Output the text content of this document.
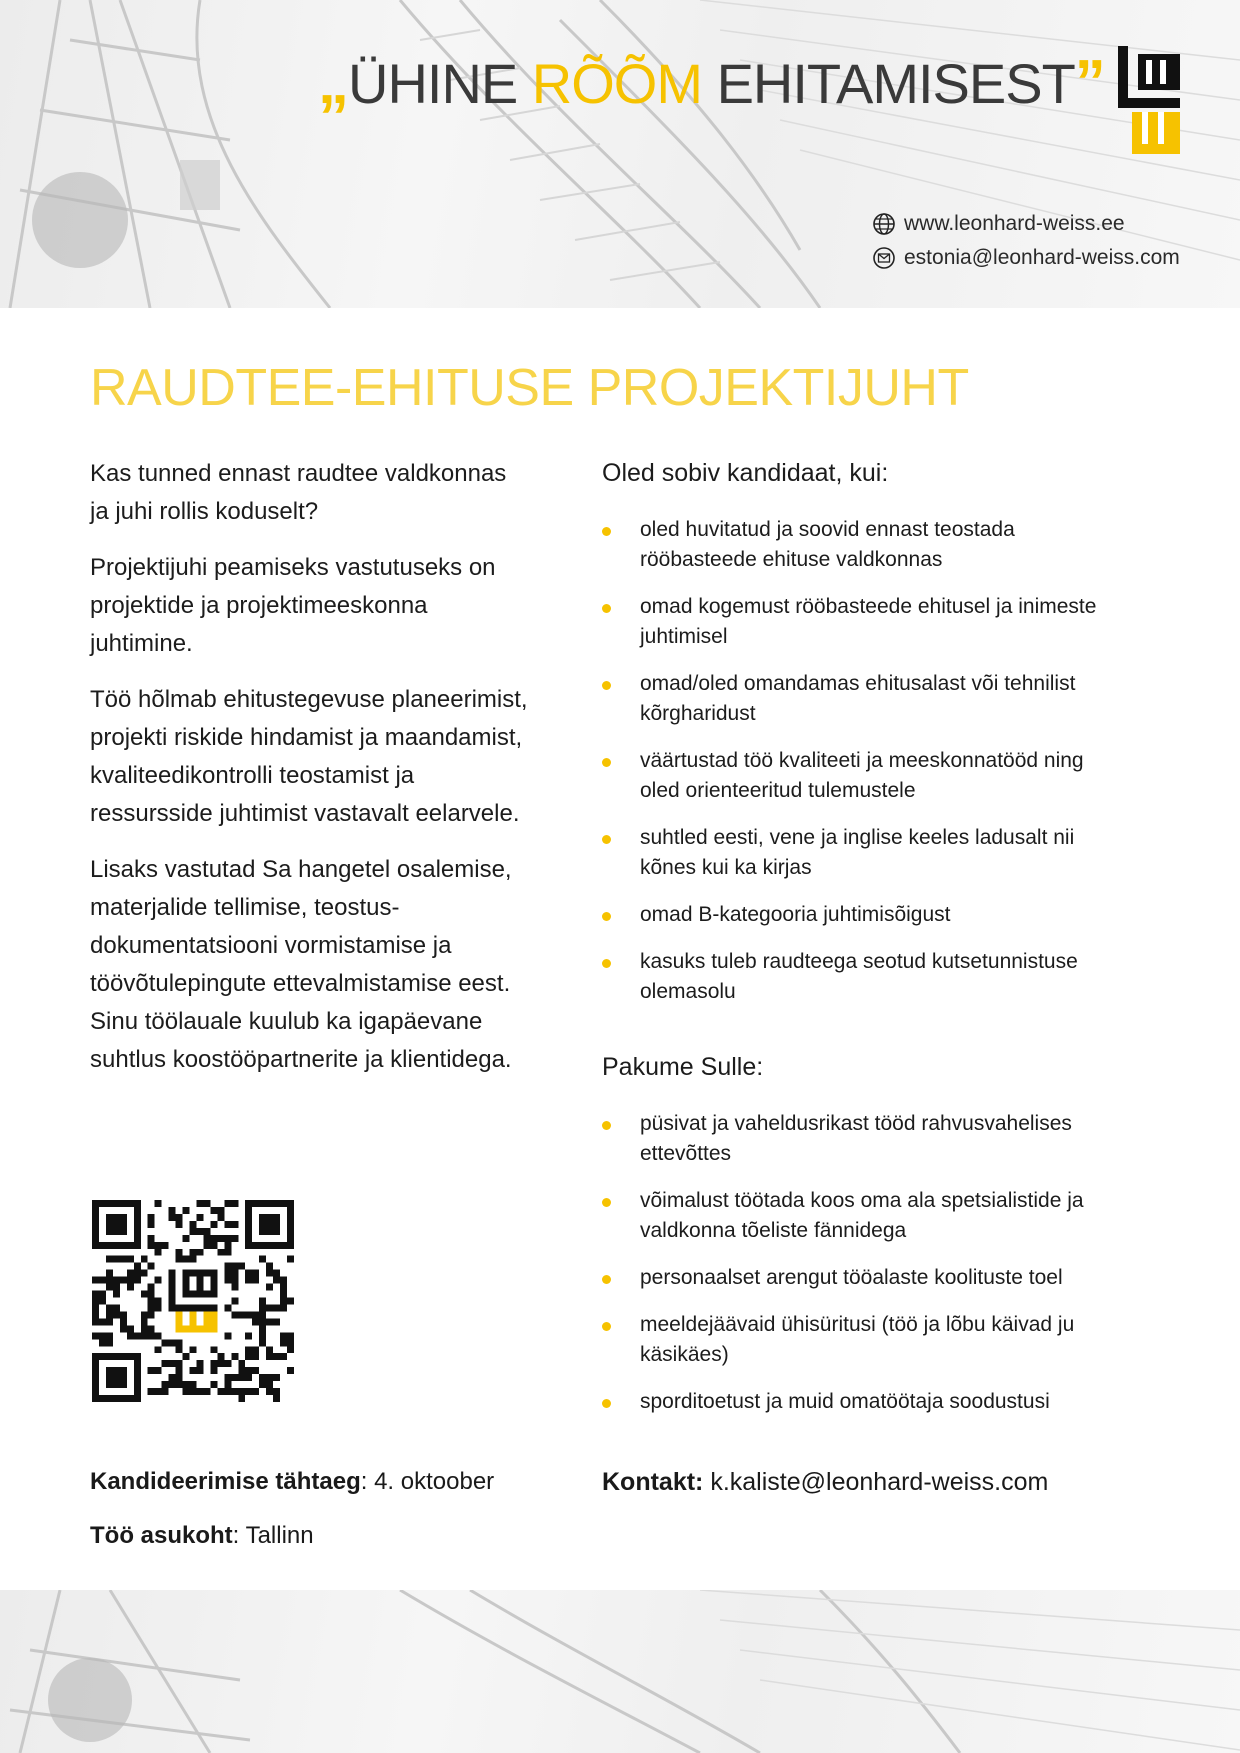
„ÜHINE RÕÕM EHITAMISEST”
www.leonhard-weiss.ee
estonia@leonhard-weiss.com
RAUDTEE-EHITUSE PROJEKTIJUHT

Kas tunned ennast raudtee valdkonnas ja juhi rollis koduselt?

Projektijuhi peamiseks vastutuseks on projektide ja projektimeeskonna juhtimine.

Töö hõlmab ehitustegevuse planeerimist, projekti riskide hindamist ja maandamist, kvaliteedikontrolli teostamist ja ressursside juhtimist vastavalt eelarvele.

Lisaks vastutad Sa hangetel osalemise, materjalide tellimise, teostus-dokumentatsiooni vormistamise ja töövõtulepingute ettevalmistamise eest. Sinu töölauale kuulub ka igapäevane suhtlus koostööpartnerite ja klientidega.

Oled sobiv kandidaat, kui:
oled huvitatud ja soovid ennast teostada rööbasteede ehituse valdkonnas
omad kogemust rööbasteede ehitusel ja inimeste juhtimisel
omad/oled omandamas ehitusalast või tehnilist kõrgharidust
väärtustad töö kvaliteeti ja meeskonnatööd ning oled orienteeritud tulemustele
suhtled eesti, vene ja inglise keeles ladusalt nii kõnes kui ka kirjas
omad B-kategooria juhtimisõigust
kasuks tuleb raudteega seotud kutsetunnistuse olemasolu
Pakume Sulle:
püsivat ja vaheldusrikast tööd rahvusvahelises ettevõttes
võimalust töötada koos oma ala spetsialistide ja valdkonna tõeliste fännidega
personaalset arengut tööalaste koolituste toel
meeldejäävaid ühisüritusi (töö ja lõbu käivad ju käsikäes)
sporditoetust ja muid omatöötaja soodustusi
Kandideerimise tähtaeg: 4. oktoober
Töö asukoht: Tallinn
Kontakt: k.kaliste@leonhard-weiss.com
